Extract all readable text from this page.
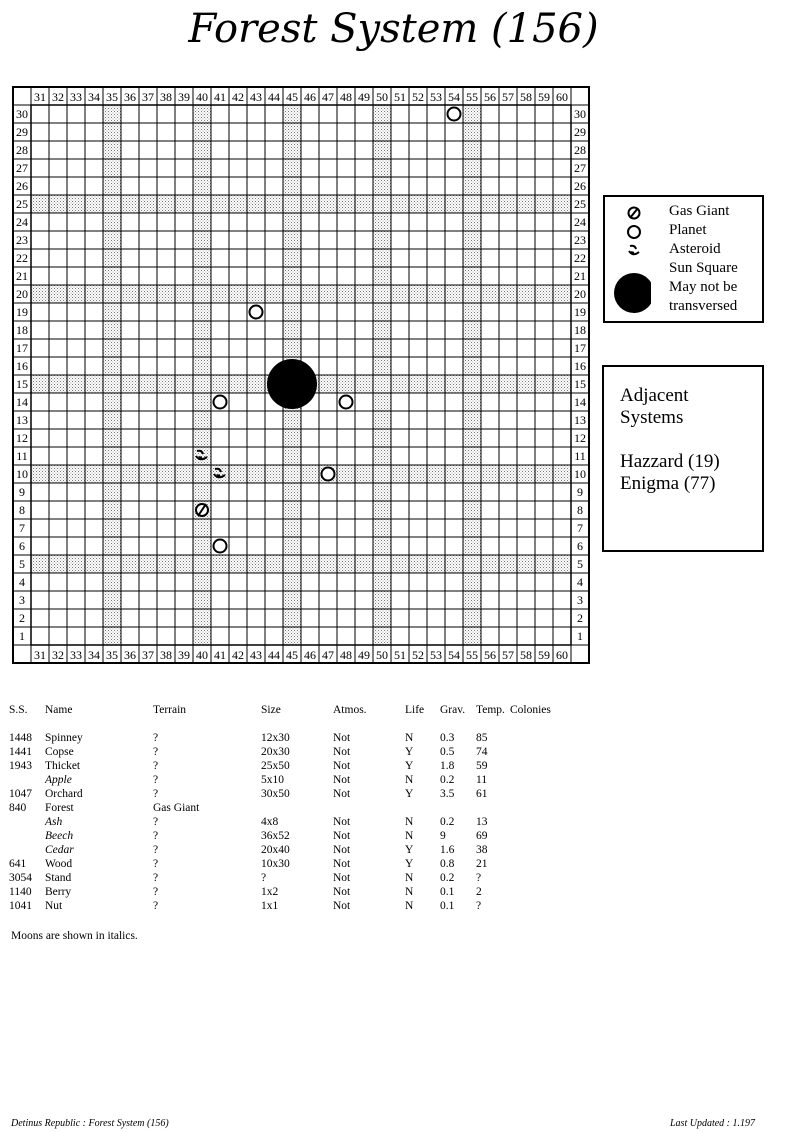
Forest System (156)
31
31
32
32
33
33
34
34
35
35
36
36
37
37
38
38
39
39
40
40
41
41
42
42
43
43
44
44
45
45
46
46
47
47
48
48
49
49
50
50
51
51
52
52
53
53
54
54
55
55
56
56
57
57
58
58
59
59
60
60
30	30
29	29
28	28
27	27
26	26
25	25
24	24
23	23
22	22
21	21
20	20
19	19
18	18
17	17
16	16
15	15
14	14
13	13
12	12
11	11
10	10
9	9
8	8
7	7
6	6
5	5
4	4
3	3
2	2
1	1
Gas Giant
Planet
Asteroid
Sun Square
May not be
transversed
Adjacent
Systems
Hazzard (19)
Enigma (77)
S.S.	Name	Terrain	Size	Atmos.	Life	Grav.	Temp.	Colonies

1448	Spinney	?	12x30	Not	N	0.3	85	
1441	Copse	?	20x30	Not	Y	0.5	74	
1943	Thicket	?	25x50	Not	Y	1.8	59	
	Apple	?	5x10	Not	N	0.2	11	
1047	Orchard	?	30x50	Not	Y	3.5	61	
840	Forest	Gas Giant						
	Ash	?	4x8	Not	N	0.2	13	
	Beech	?	36x52	Not	N	9	69	
	Cedar	?	20x40	Not	Y	1.6	38	
641	Wood	?	10x30	Not	Y	0.8	21	
3054	Stand	?	?	Not	N	0.2	?	
1140	Berry	?	1x2	Not	N	0.1	2	
1041	Nut	?	1x1	Not	N	0.1	?	
Moons are shown in italics.
Detinus Republic : Forest System (156)	Last Updated : 1.197
